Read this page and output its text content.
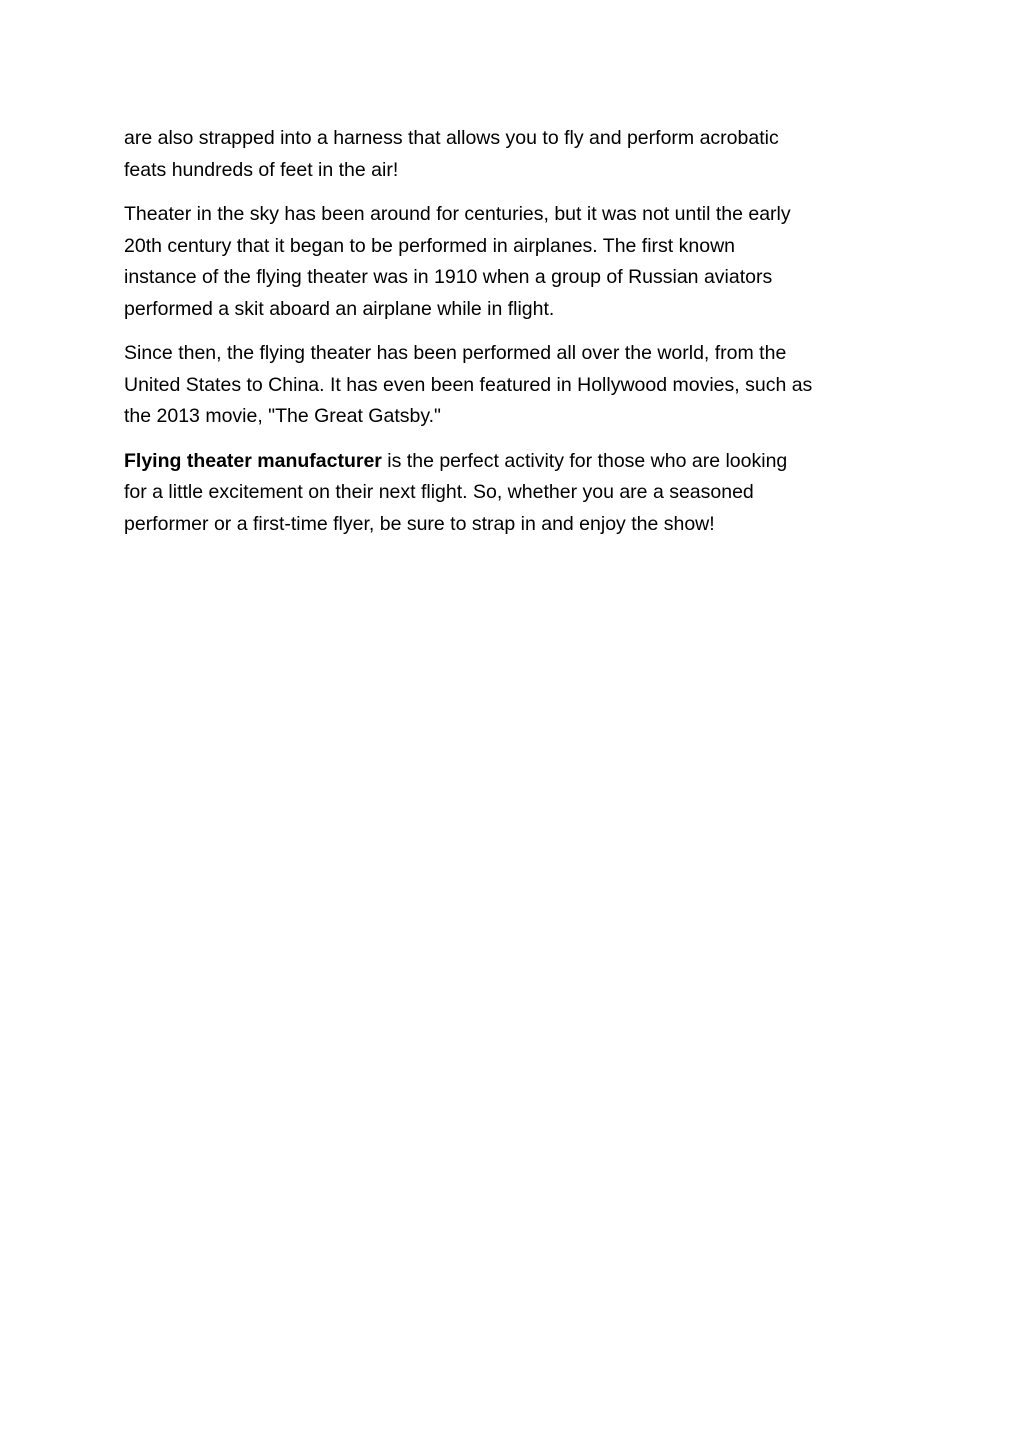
are also strapped into a harness that allows you to fly and perform acrobatic
feats hundreds of feet in the air!

Theater in the sky has been around for centuries, but it was not until the early
20th century that it began to be performed in airplanes. The first known
instance of the flying theater was in 1910 when a group of Russian aviators
performed a skit aboard an airplane while in flight.

Since then, the flying theater has been performed all over the world, from the
United States to China. It has even been featured in Hollywood movies, such as
the 2013 movie, "The Great Gatsby."

Flying theater manufacturer is the perfect activity for those who are looking
for a little excitement on their next flight. So, whether you are a seasoned
performer or a first-time flyer, be sure to strap in and enjoy the show!
